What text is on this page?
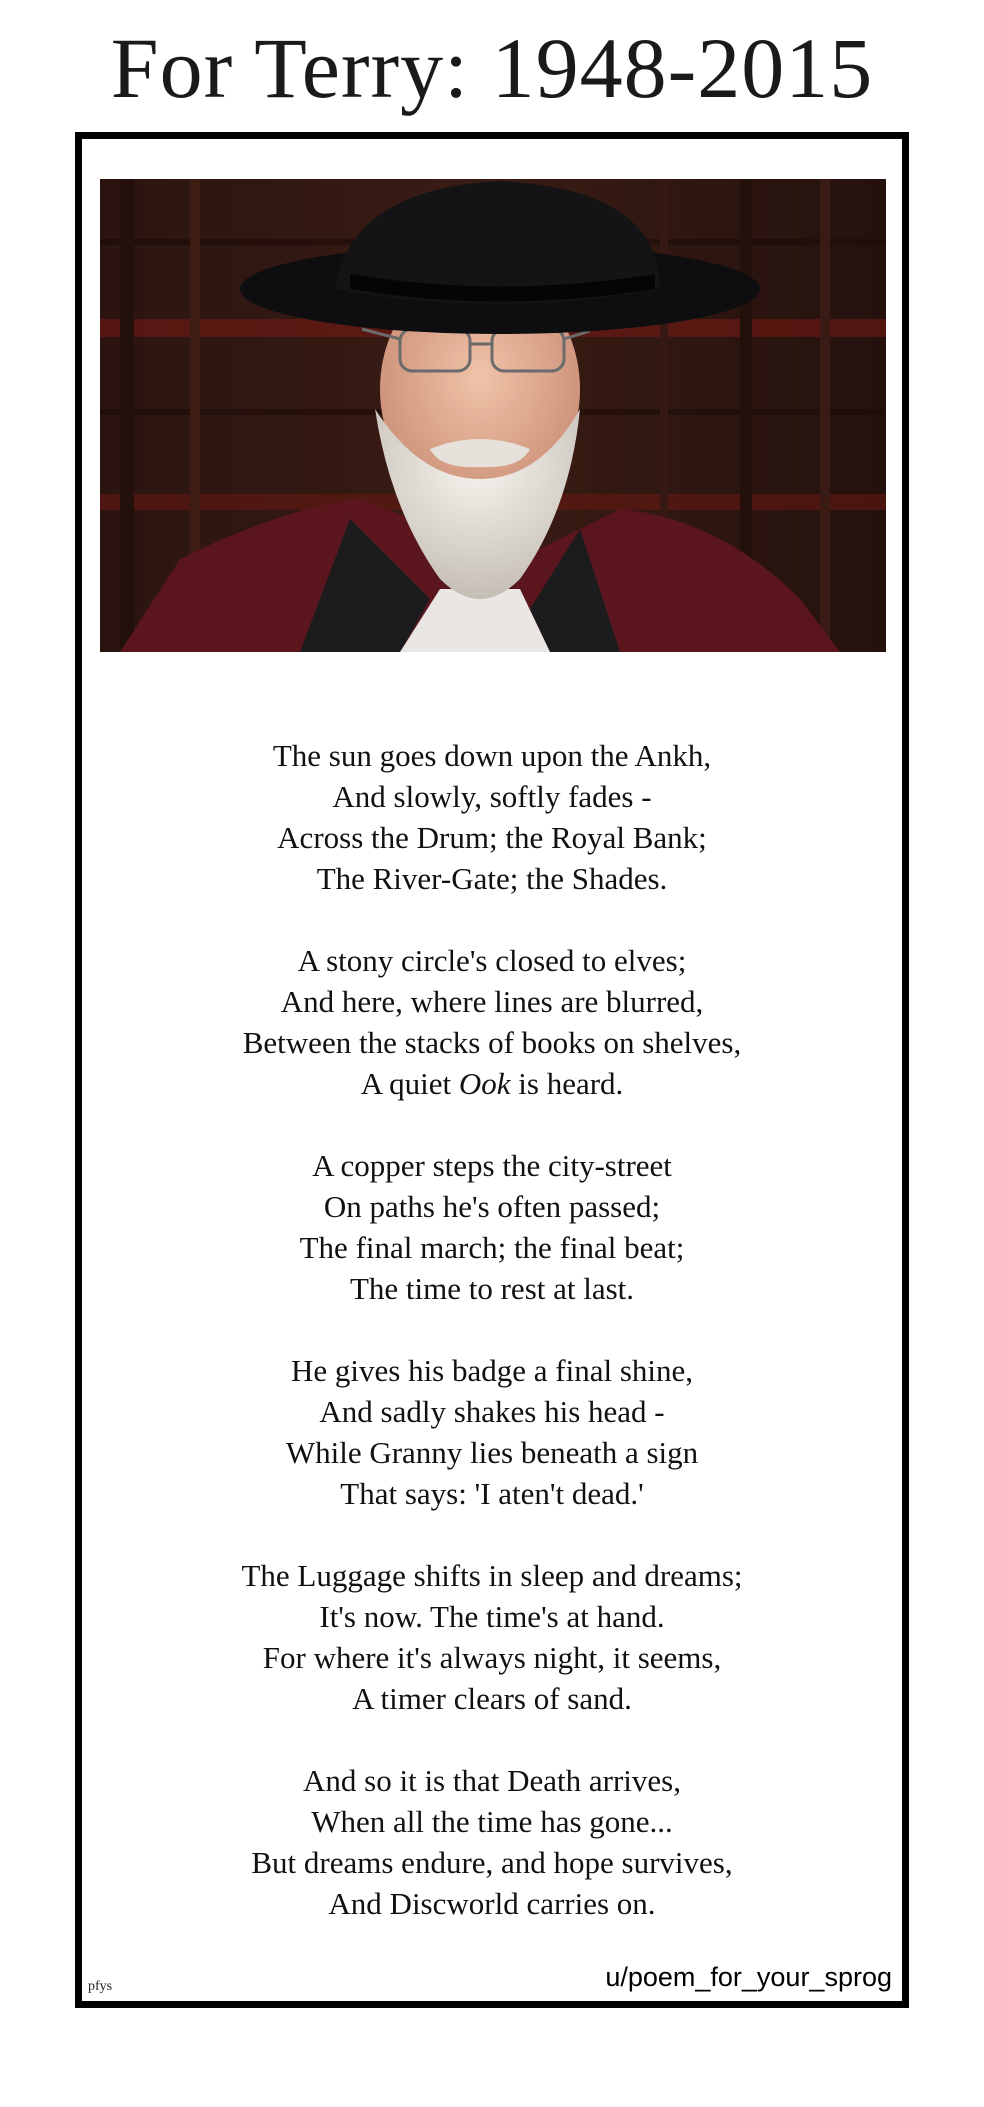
For Terry: 1948-2015
The sun goes down upon the Ankh,
And slowly, softly fades -
Across the Drum; the Royal Bank;
The River-Gate; the Shades.
A stony circle's closed to elves;
And here, where lines are blurred,
Between the stacks of books on shelves,
A quiet Ook is heard.
A copper steps the city-street
On paths he's often passed;
The final march; the final beat;
The time to rest at last.
He gives his badge a final shine,
And sadly shakes his head -
While Granny lies beneath a sign
That says: 'I aten't dead.'
The Luggage shifts in sleep and dreams;
It's now. The time's at hand.
For where it's always night, it seems,
A timer clears of sand.
And so it is that Death arrives,
When all the time has gone...
But dreams endure, and hope survives,
And Discworld carries on.
pfys	u/poem_for_your_sprog
